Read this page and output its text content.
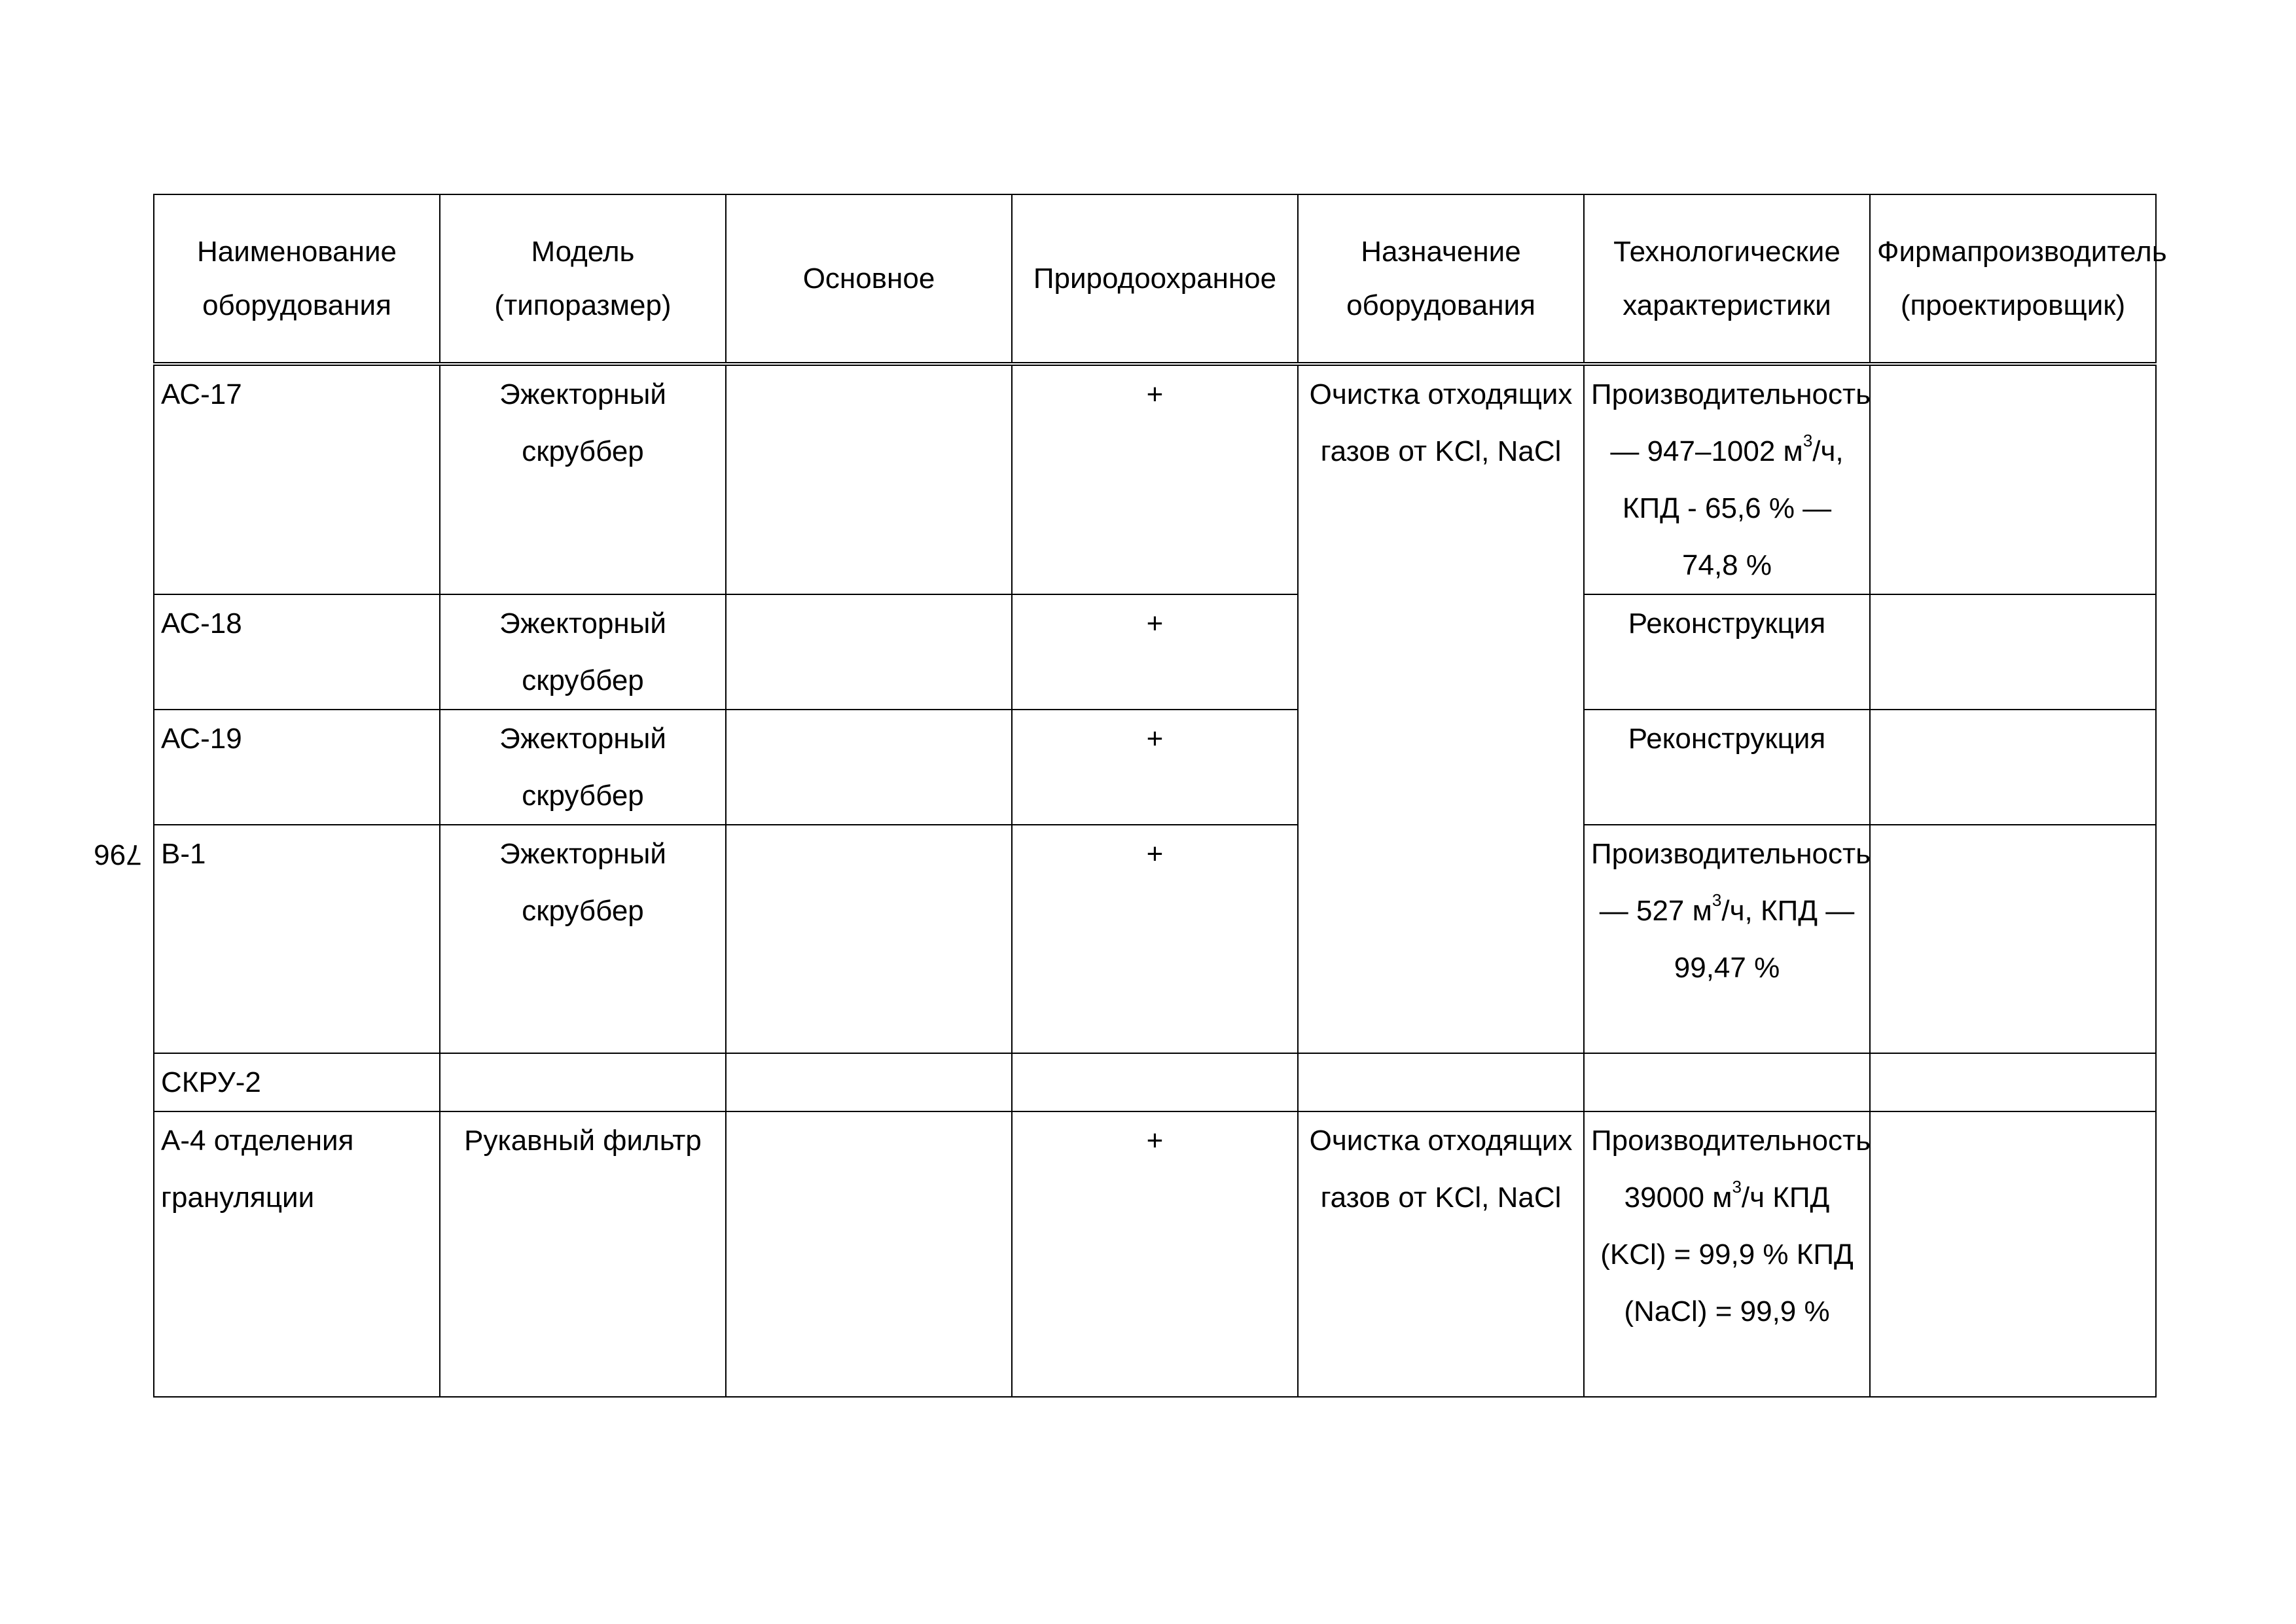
796
Наименование оборудования	Модель (типоразмер)	Основное	Природоохранное	Назначение оборудования	Технологические характеристики	Фирмапроизводитель (проектировщик)
АС-17	Эжекторный скруббер		+	Очистка отходящих газов от KCl, NaCl	Производительность — 947–1002 $м^3/ч$, КПД - 65,6 % — 74,8 %	
АС-18	Эжекторный скруббер		+		Реконструкция	
АС-19	Эжекторный скруббер		+		Реконструкция	
В-1	Эжекторный скруббер		+		Производительность — 527 $м^3/ч$, КПД — 99,47 %	
СКРУ-2						
А-4 отделения грануляции	Рукавный фильтр		+	Очистка отходящих газов от KCl, NaCl	Производительность 39000 $м^3/ч$ КПД (KCl) = 99,9 % КПД (NaCl) = 99,9 %	
